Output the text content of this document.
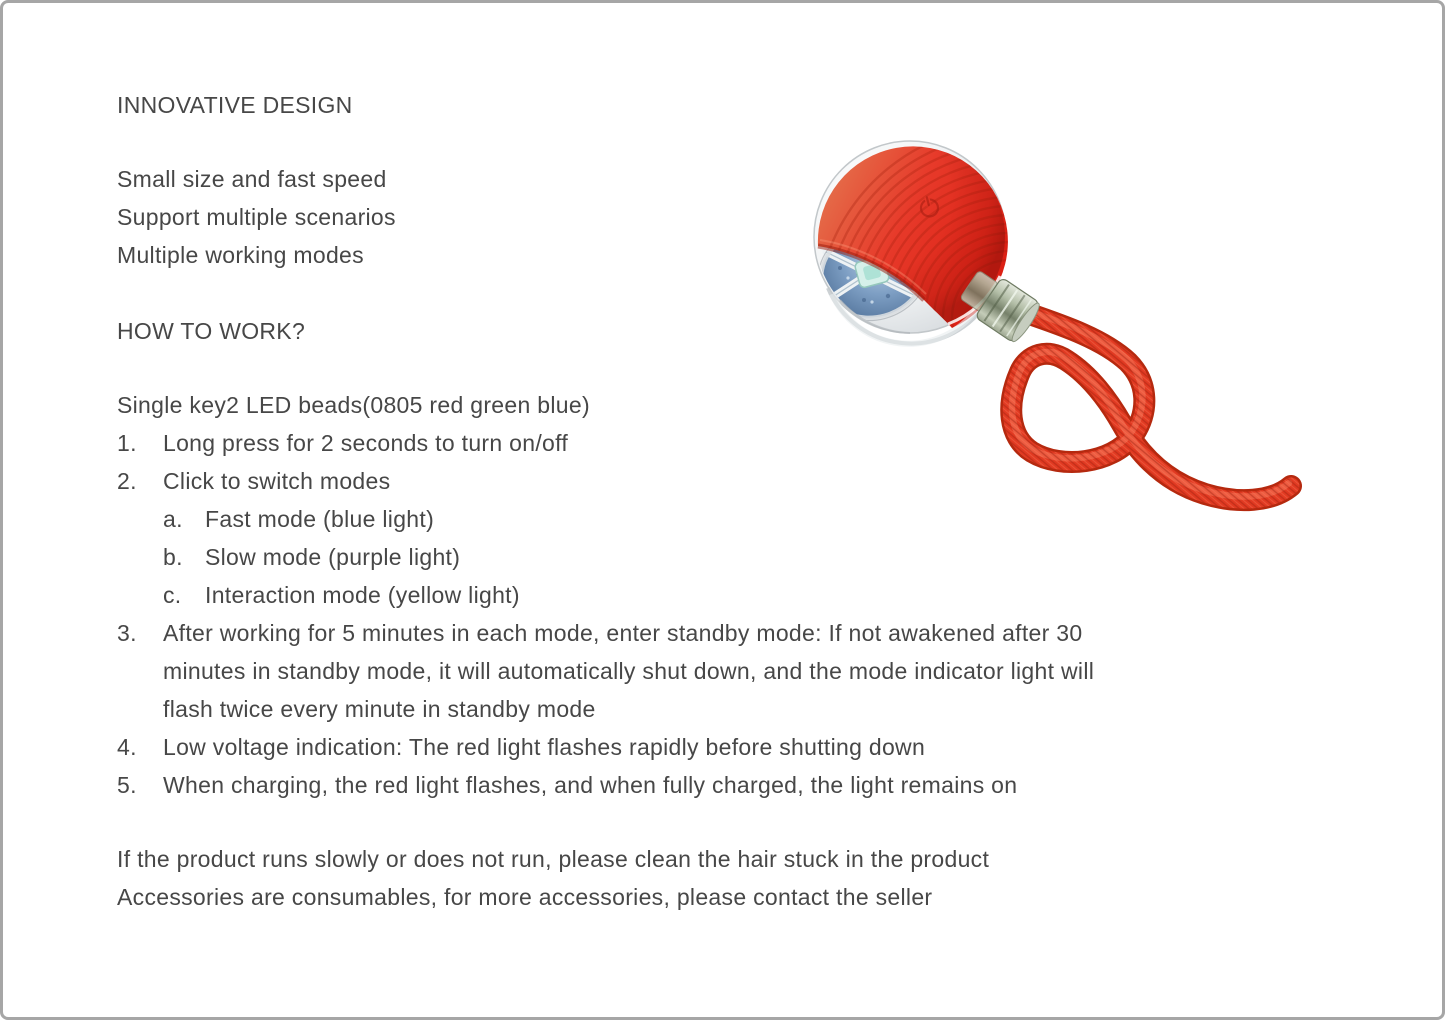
INNOVATIVE DESIGN
Small size and fast speed
Support multiple scenarios
Multiple working modes
HOW TO WORK?
Single key2 LED beads(0805 red green blue)
1.	Long press for 2 seconds to turn on/off
2.	Click to switch modes
a. Fast mode (blue light)
b. Slow mode (purple light)
c.	Interaction mode (yellow light)
3.	After working for 5 minutes in each mode, enter standby mode: If not awakened after 30 minutes in standby mode, it will automatically shut down, and the mode indicator light will flash twice every minute in standby mode
4.	Low voltage indication: The red light flashes rapidly before shutting down
5.	When charging, the red light flashes, and when fully charged, the light remains on
If the product runs slowly or does not run, please clean the hair stuck in the product
Accessories are consumables, for more accessories, please contact the seller
